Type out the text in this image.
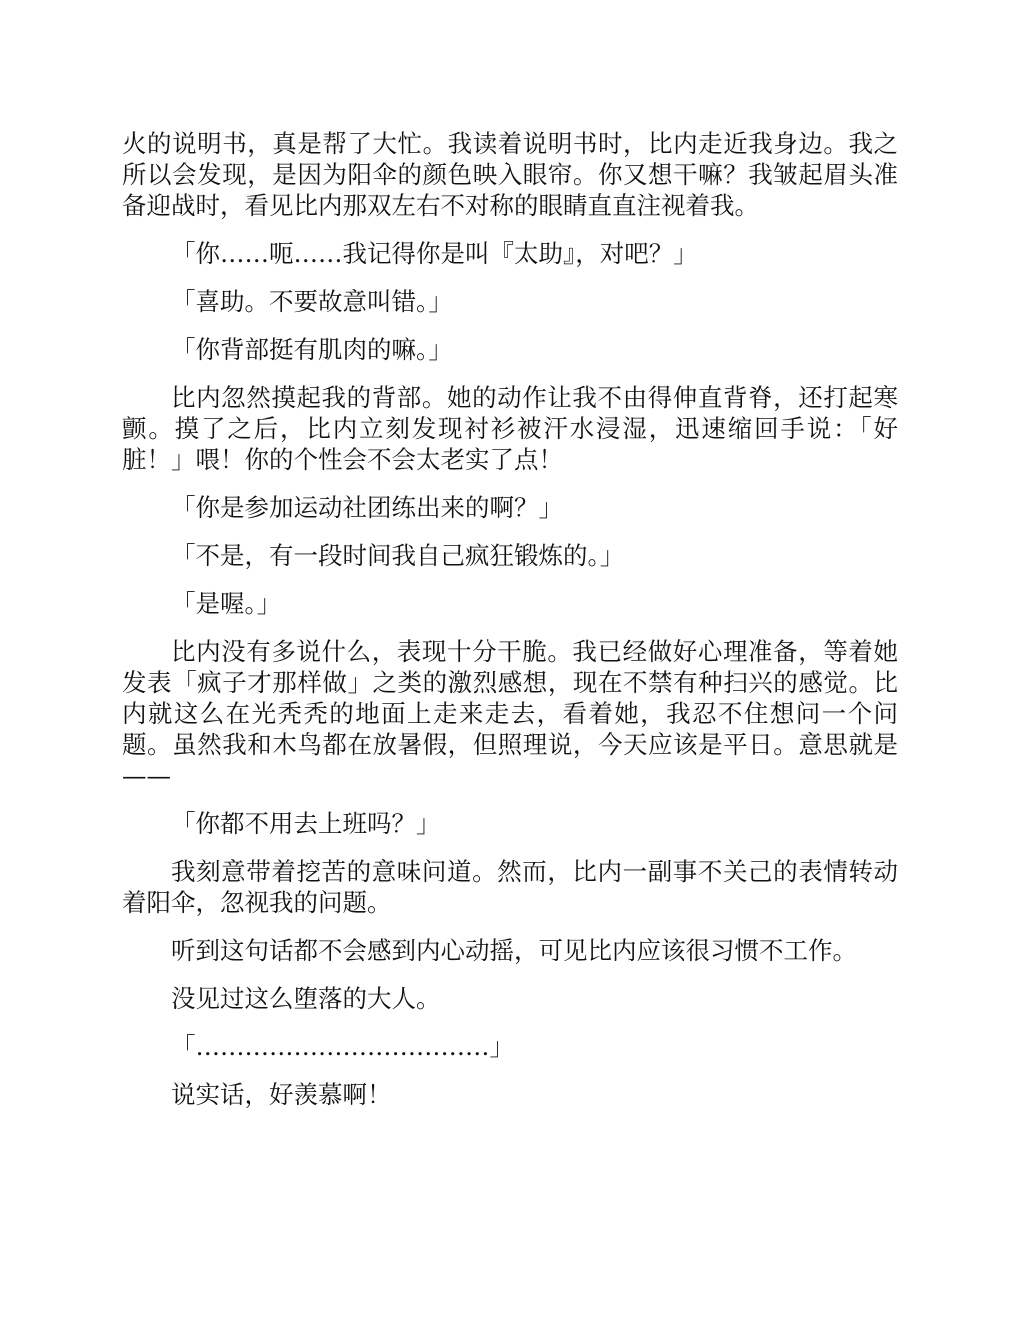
火的说明书，真是帮了大忙。我读着说明书时，比内走近我身边。我之所以会发现，是因为阳伞的颜色映入眼帘。你又想干嘛？我皱起眉头准备迎战时，看见比内那双左右不对称的眼睛直直注视着我。

「你……呃……我记得你是叫『太助』，对吧？」

「喜助。不要故意叫错。」

「你背部挺有肌肉的嘛。」

比内忽然摸起我的背部。她的动作让我不由得伸直背脊，还打起寒颤。摸了之后，比内立刻发现衬衫被汗水浸湿，迅速缩回手说：「好脏！」喂！你的个性会不会太老实了点！

「你是参加运动社团练出来的啊？」

「不是，有一段时间我自己疯狂锻炼的。」

「是喔。」

比内没有多说什么，表现十分干脆。我已经做好心理准备，等着她发表「疯子才那样做」之类的激烈感想，现在不禁有种扫兴的感觉。比内就这么在光秃秃的地面上走来走去，看着她，我忍不住想问一个问题。虽然我和木鸟都在放暑假，但照理说，今天应该是平日。意思就是——

「你都不用去上班吗？」

我刻意带着挖苦的意味问道。然而，比内一副事不关己的表情转动着阳伞，忽视我的问题。

听到这句话都不会感到内心动摇，可见比内应该很习惯不工作。

没见过这么堕落的大人。

「………………………………」

说实话，好羡慕啊！
